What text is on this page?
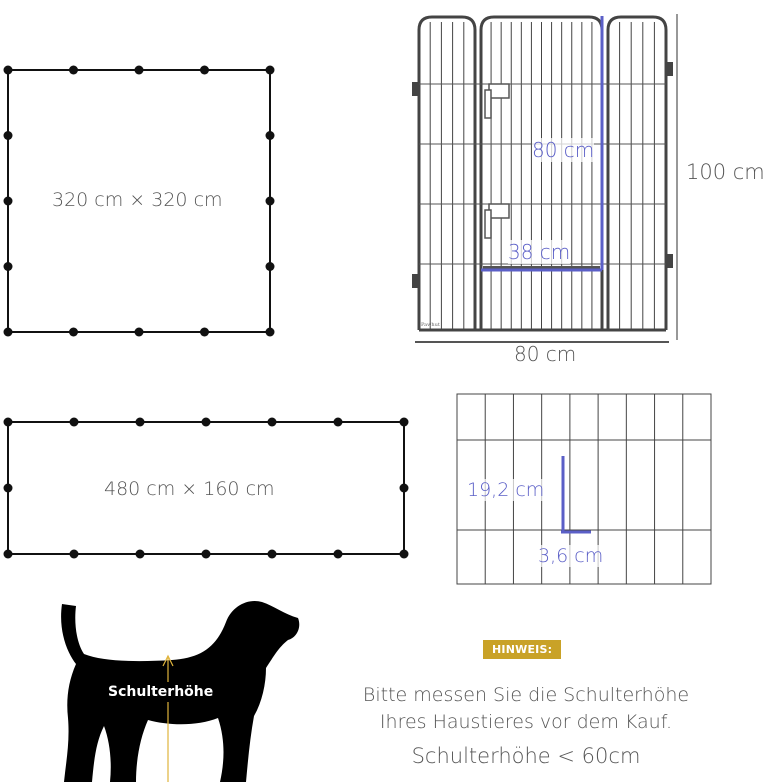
320 cm × 320 cm
480 cm × 160 cm
Pawhut
80 cm
38 cm
100 cm
80 cm
19,2 cm
3,6 cm
Schulterhöhe
HINWEIS:
Bitte messen Sie die Schulterhöhe
Ihres Haustieres vor dem Kauf.
Schulterhöhe < 60cm
